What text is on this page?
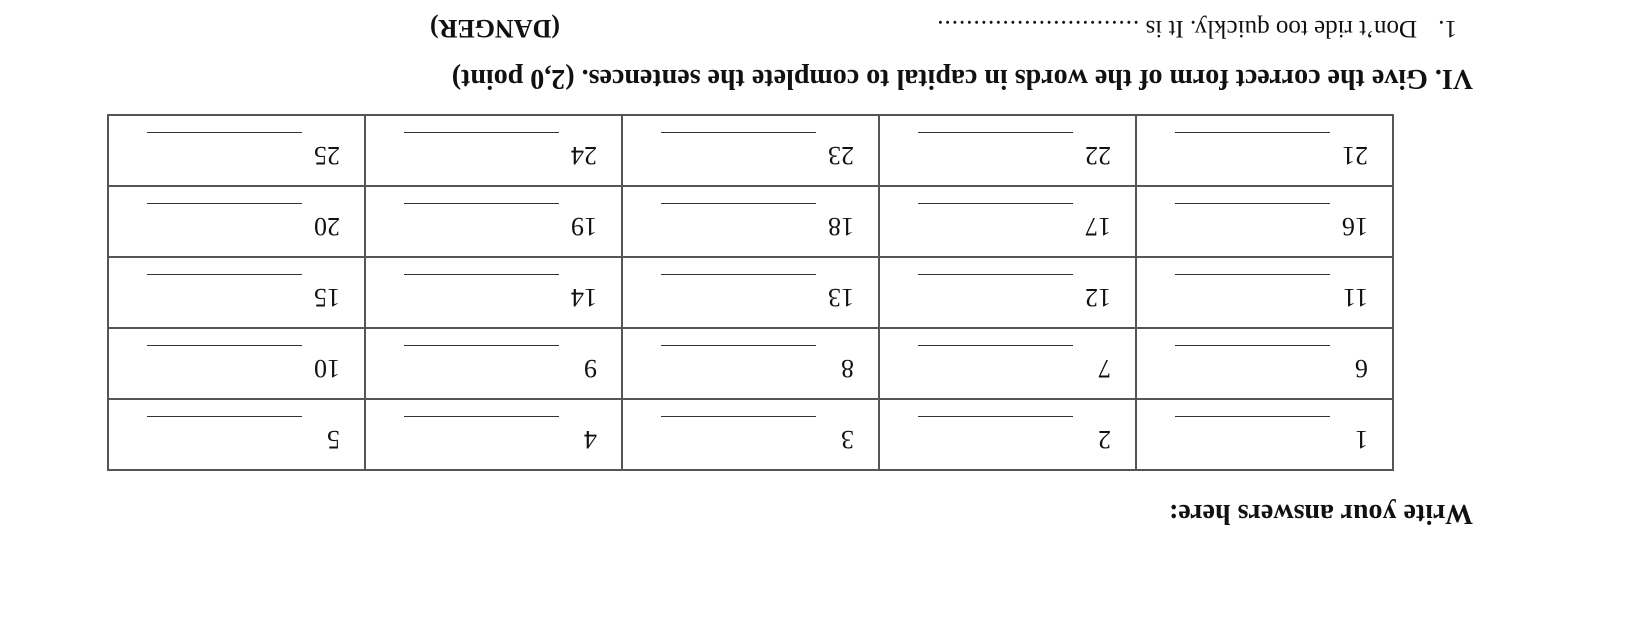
Write your answers here:
1	2	3	4	5

6	7	8	9	10

11	12	13	14	15

16	17	18	19	20

21	22	23	24	25
VI. Give the correct form of the words in capital to complete the sentences. (2,0 point)
1.Don’t ride too quickly. It is ............................
(DANGER)
